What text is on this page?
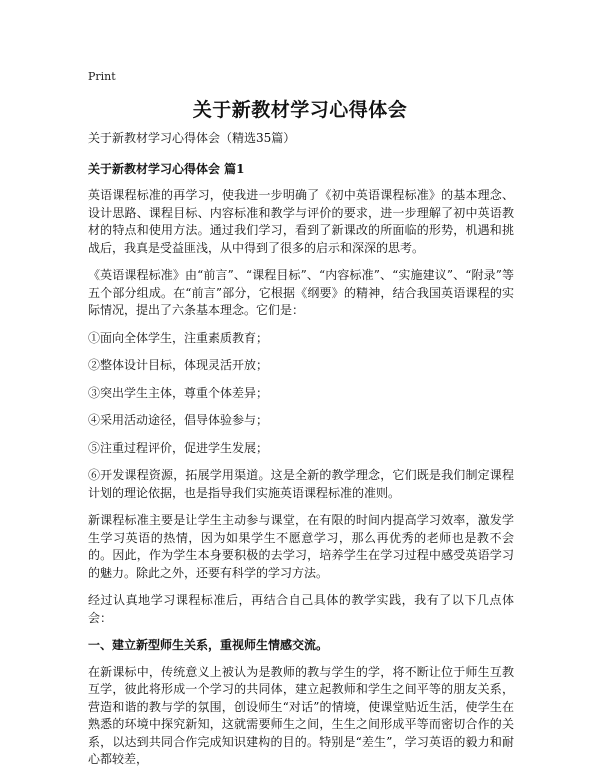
Print
关于新教材学习心得体会

关于新教材学习心得体会（精选35篇）

关于新教材学习心得体会 篇1

英语课程标准的再学习，使我进一步明确了《初中英语课程标准》的基本理念、设计思路、课程目标、内容标准和教学与评价的要求，进一步理解了初中英语教材的特点和使用方法。通过我们学习，看到了新课改的所面临的形势，机遇和挑战后，我真是受益匪浅，从中得到了很多的启示和深深的思考。

《英语课程标准》由“前言”、“课程目标”、“内容标准”、“实施建议”、“附录”等五个部分组成。在“前言”部分，它根据《纲要》的精神，结合我国英语课程的实际情况，提出了六条基本理念。它们是：

①面向全体学生，注重素质教育；

②整体设计目标，体现灵活开放；

③突出学生主体，尊重个体差异；

④采用活动途径，倡导体验参与；

⑤注重过程评价，促进学生发展；

⑥开发课程资源，拓展学用渠道。这是全新的教学理念，它们既是我们制定课程计划的理论依据，也是指导我们实施英语课程标准的准则。

新课程标准主要是让学生主动参与课堂，在有限的时间内提高学习效率，激发学生学习英语的热情，因为如果学生不愿意学习，那么再优秀的老师也是教不会的。因此，作为学生本身要积极的去学习，培养学生在学习过程中感受英语学习的魅力。除此之外，还要有科学的学习方法。

经过认真地学习课程标准后，再结合自己具体的教学实践，我有了以下几点体会：

一、建立新型师生关系，重视师生情感交流。

在新课标中，传统意义上被认为是教师的教与学生的学，将不断让位于师生互教互学，彼此将形成一个学习的共同体，建立起教师和学生之间平等的朋友关系，营造和谐的教与学的氛围，创设师生“对话”的情境，使课堂贴近生活，使学生在熟悉的环境中探究新知，这就需要师生之间，生生之间形成平等而密切合作的关系，以达到共同合作完成知识建构的目的。特别是“差生”，学习英语的毅力和耐心都较差，
